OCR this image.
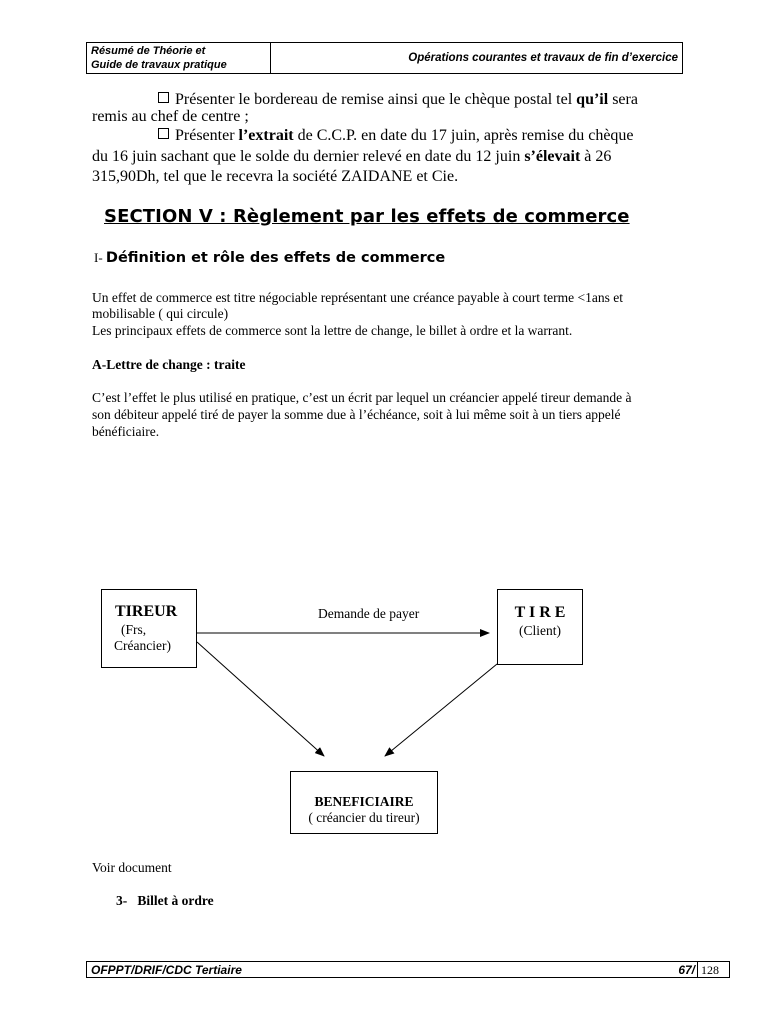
Résumé de Théorie et
Guide de travaux pratique
Opérations courantes et travaux de fin d’exercice
Présenter le bordereau de remise ainsi que le chèque postal tel qu’il sera
remis au chef de centre ;
Présenter l’extrait de C.C.P. en date du 17 juin, après remise du chèque
du 16 juin sachant que le solde du dernier relevé en date du 12 juin s’élevait à 26
315,90Dh, tel que le recevra la société ZAIDANE et Cie.
SECTION V : Règlement par les effets de commerce
I- Définition et rôle des effets de commerce
Un effet de commerce est titre négociable représentant une créance payable à court terme <1ans et
mobilisable ( qui circule)
Les principaux effets de commerce sont la lettre de change, le billet à ordre et la warrant.
A-Lettre de change : traite
C’est l’effet le plus utilisé en pratique, c’est un écrit par lequel un créancier appelé tireur demande à
son débiteur appelé tiré de payer la somme due à l’échéance, soit à lui même soit à un tiers appelé
bénéficiaire.
TIREUR
(Frs,
Créancier)
Demande de payer	T I R E
(Client)
BENEFICIAIRE
( créancier du tireur)
Voir document
3-   Billet à ordre
OFPPT/DRIF/CDC Tertiaire	67/ 128
